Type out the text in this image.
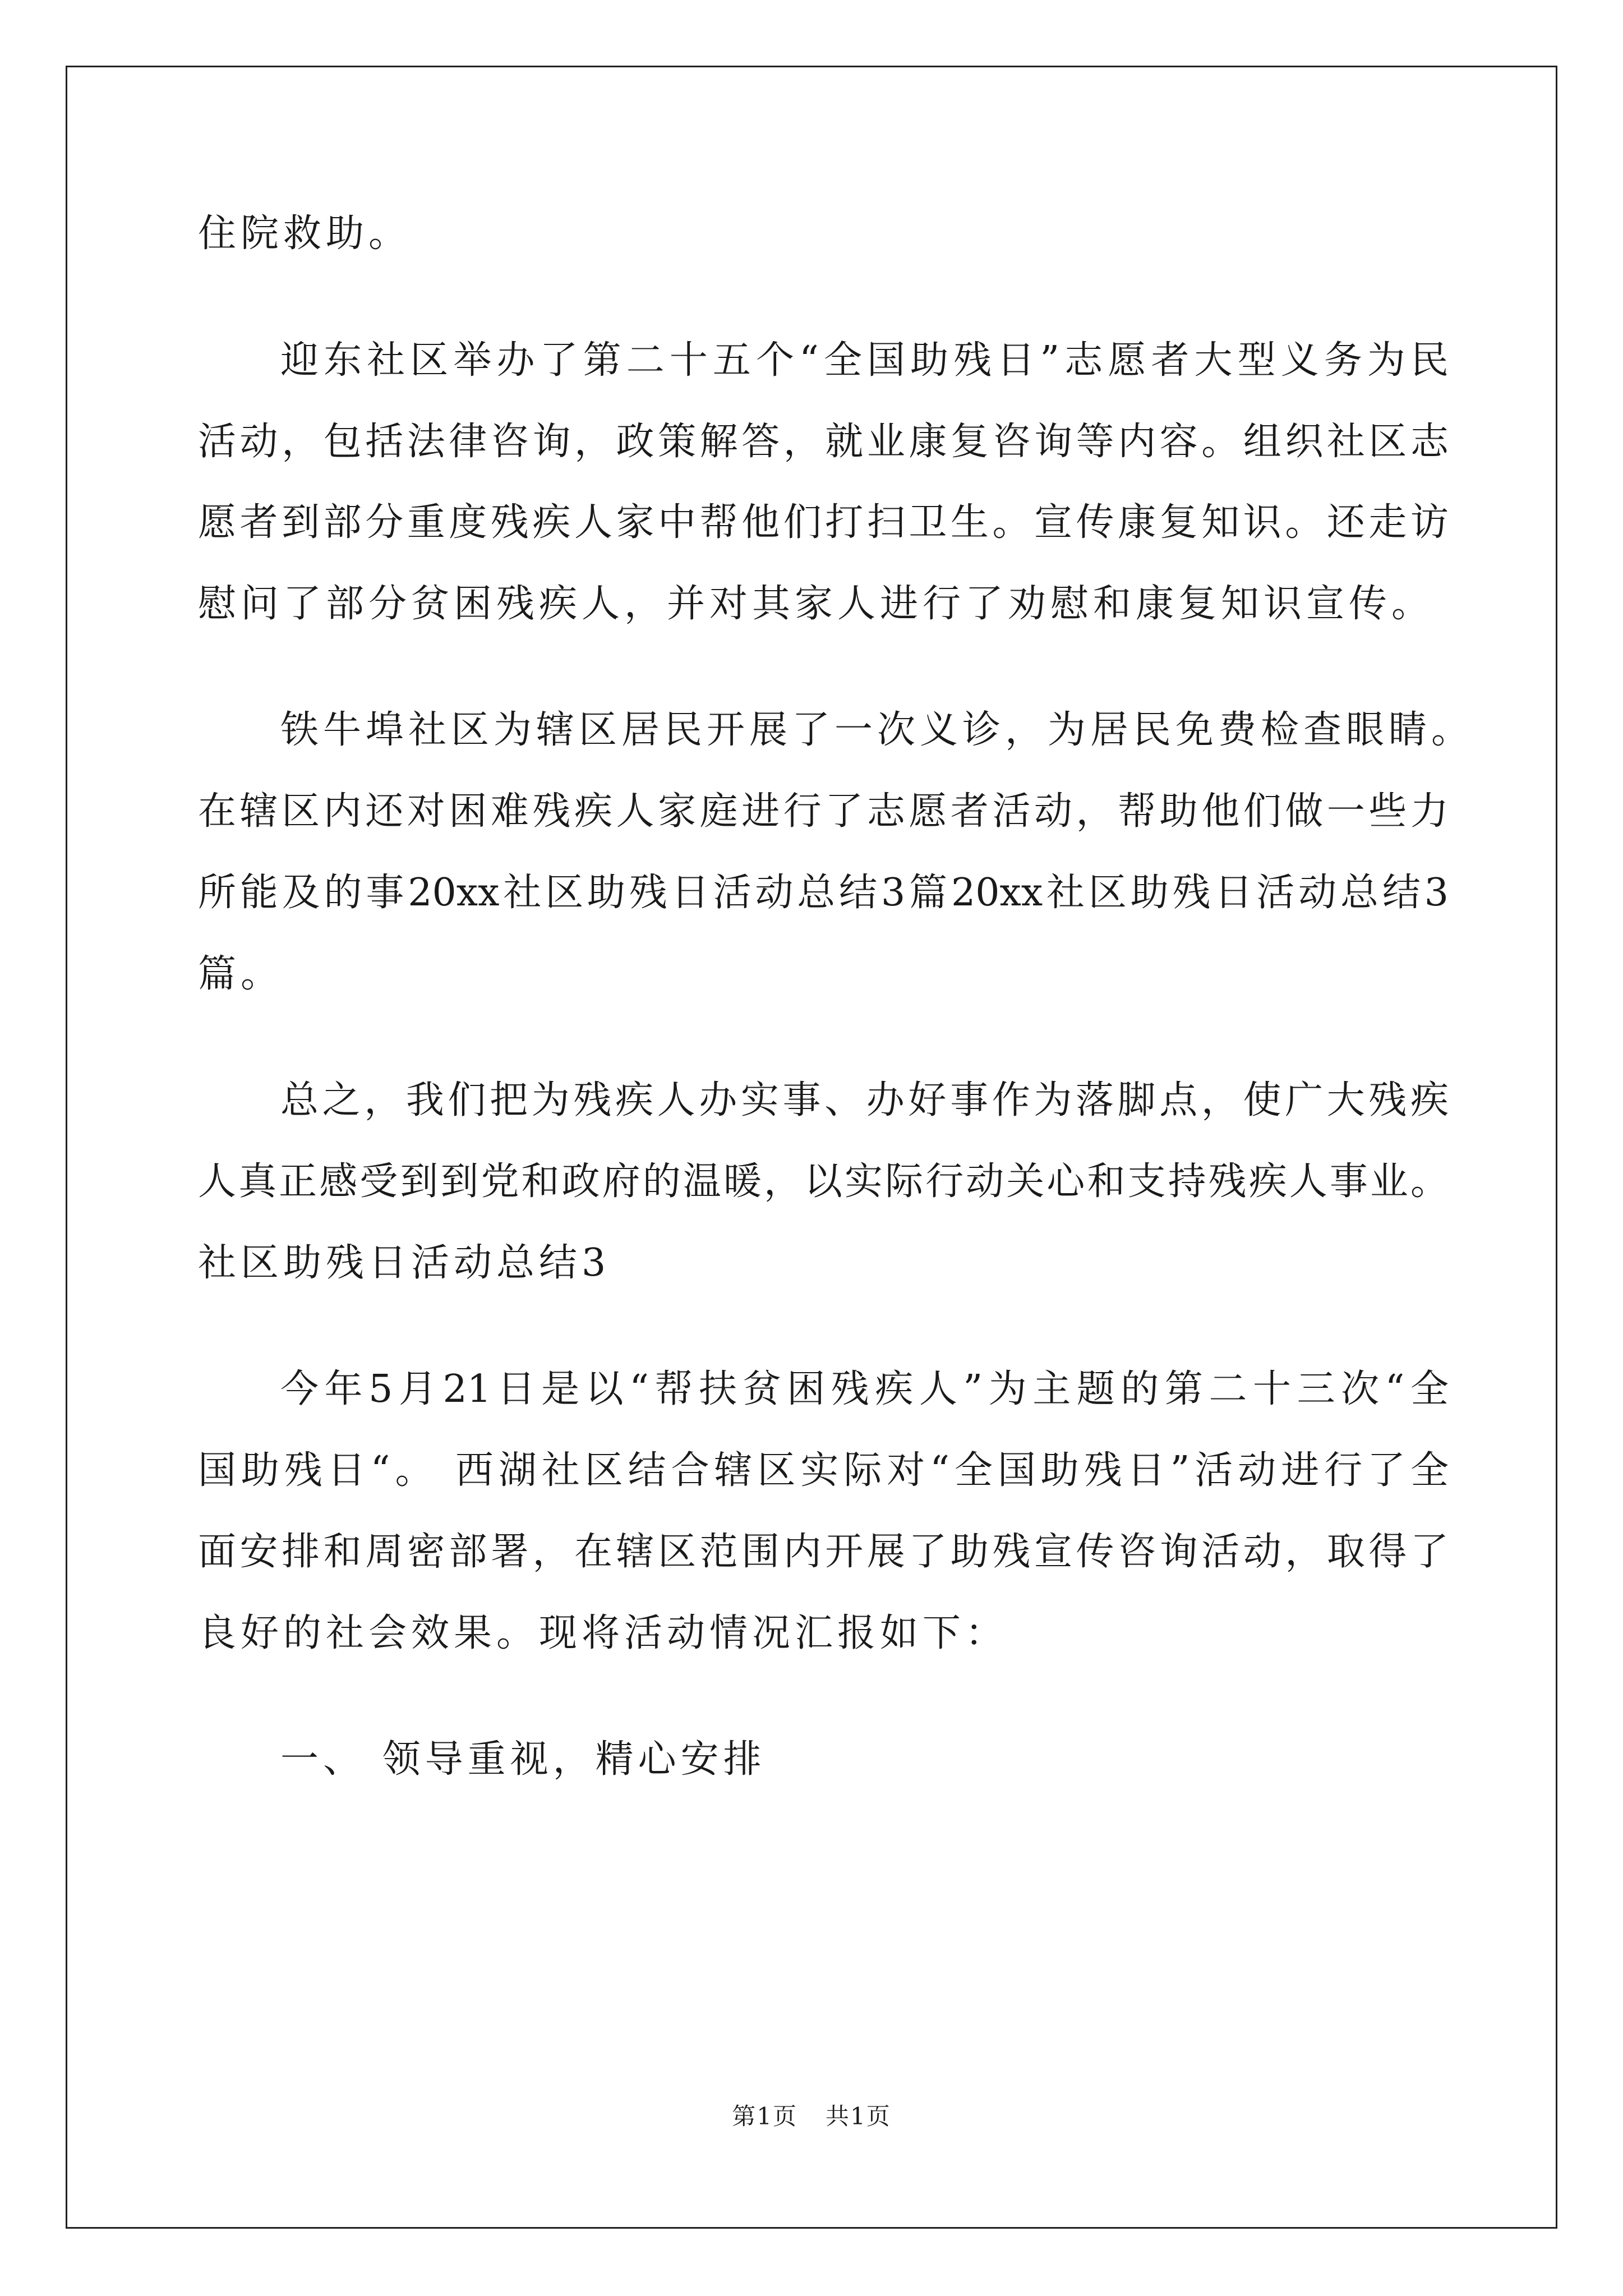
住院救助。
迎东社区举办了第二十五个“全国助残日”志愿者大型义务为民
活动，包括法律咨询，政策解答，就业康复咨询等内容。组织社区志
愿者到部分重度残疾人家中帮他们打扫卫生。宣传康复知识。还走访
慰问了部分贫困残疾人，并对其家人进行了劝慰和康复知识宣传。
铁牛埠社区为辖区居民开展了一次义诊，为居民免费检查眼睛。
在辖区内还对困难残疾人家庭进行了志愿者活动，帮助他们做一些力
所能及的事20xx社区助残日活动总结3篇20xx社区助残日活动总结3
篇。
总之，我们把为残疾人办实事、办好事作为落脚点，使广大残疾
人真正感受到到党和政府的温暖，以实际行动关心和支持残疾人事业。
社区助残日活动总结3
今年5月21日是以“帮扶贫困残疾人”为主题的第二十三次“全
国助残日“。 西湖社区结合辖区实际对“全国助残日”活动进行了全
面安排和周密部署，在辖区范围内开展了助残宣传咨询活动，取得了
良好的社会效果。现将活动情况汇报如下：
一、 领导重视，精心安排
第1页 共1页
